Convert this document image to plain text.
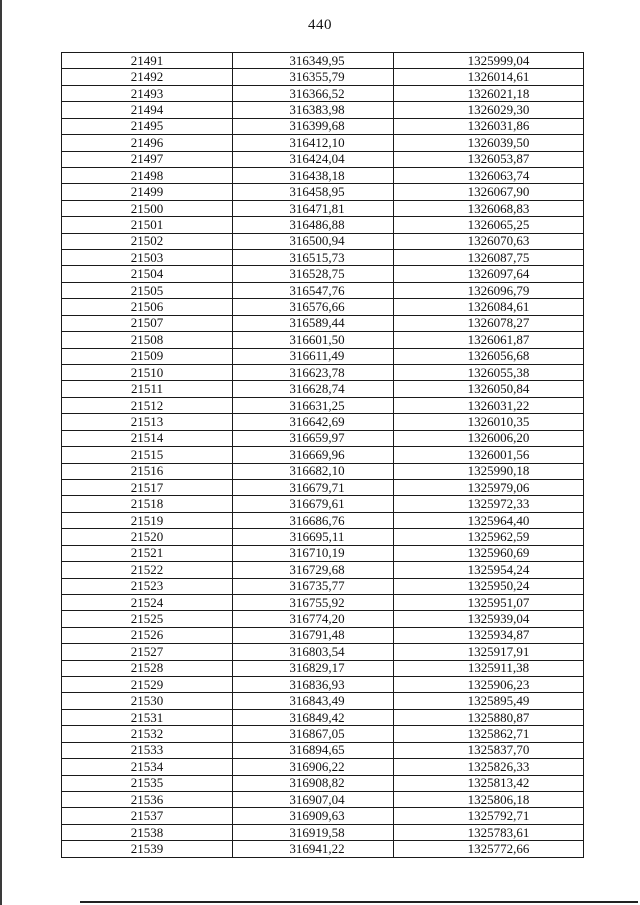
440
21491	316349,95	1325999,04
21492	316355,79	1326014,61
21493	316366,52	1326021,18
21494	316383,98	1326029,30
21495	316399,68	1326031,86
21496	316412,10	1326039,50
21497	316424,04	1326053,87
21498	316438,18	1326063,74
21499	316458,95	1326067,90
21500	316471,81	1326068,83
21501	316486,88	1326065,25
21502	316500,94	1326070,63
21503	316515,73	1326087,75
21504	316528,75	1326097,64
21505	316547,76	1326096,79
21506	316576,66	1326084,61
21507	316589,44	1326078,27
21508	316601,50	1326061,87
21509	316611,49	1326056,68
21510	316623,78	1326055,38
21511	316628,74	1326050,84
21512	316631,25	1326031,22
21513	316642,69	1326010,35
21514	316659,97	1326006,20
21515	316669,96	1326001,56
21516	316682,10	1325990,18
21517	316679,71	1325979,06
21518	316679,61	1325972,33
21519	316686,76	1325964,40
21520	316695,11	1325962,59
21521	316710,19	1325960,69
21522	316729,68	1325954,24
21523	316735,77	1325950,24
21524	316755,92	1325951,07
21525	316774,20	1325939,04
21526	316791,48	1325934,87
21527	316803,54	1325917,91
21528	316829,17	1325911,38
21529	316836,93	1325906,23
21530	316843,49	1325895,49
21531	316849,42	1325880,87
21532	316867,05	1325862,71
21533	316894,65	1325837,70
21534	316906,22	1325826,33
21535	316908,82	1325813,42
21536	316907,04	1325806,18
21537	316909,63	1325792,71
21538	316919,58	1325783,61
21539	316941,22	1325772,66
